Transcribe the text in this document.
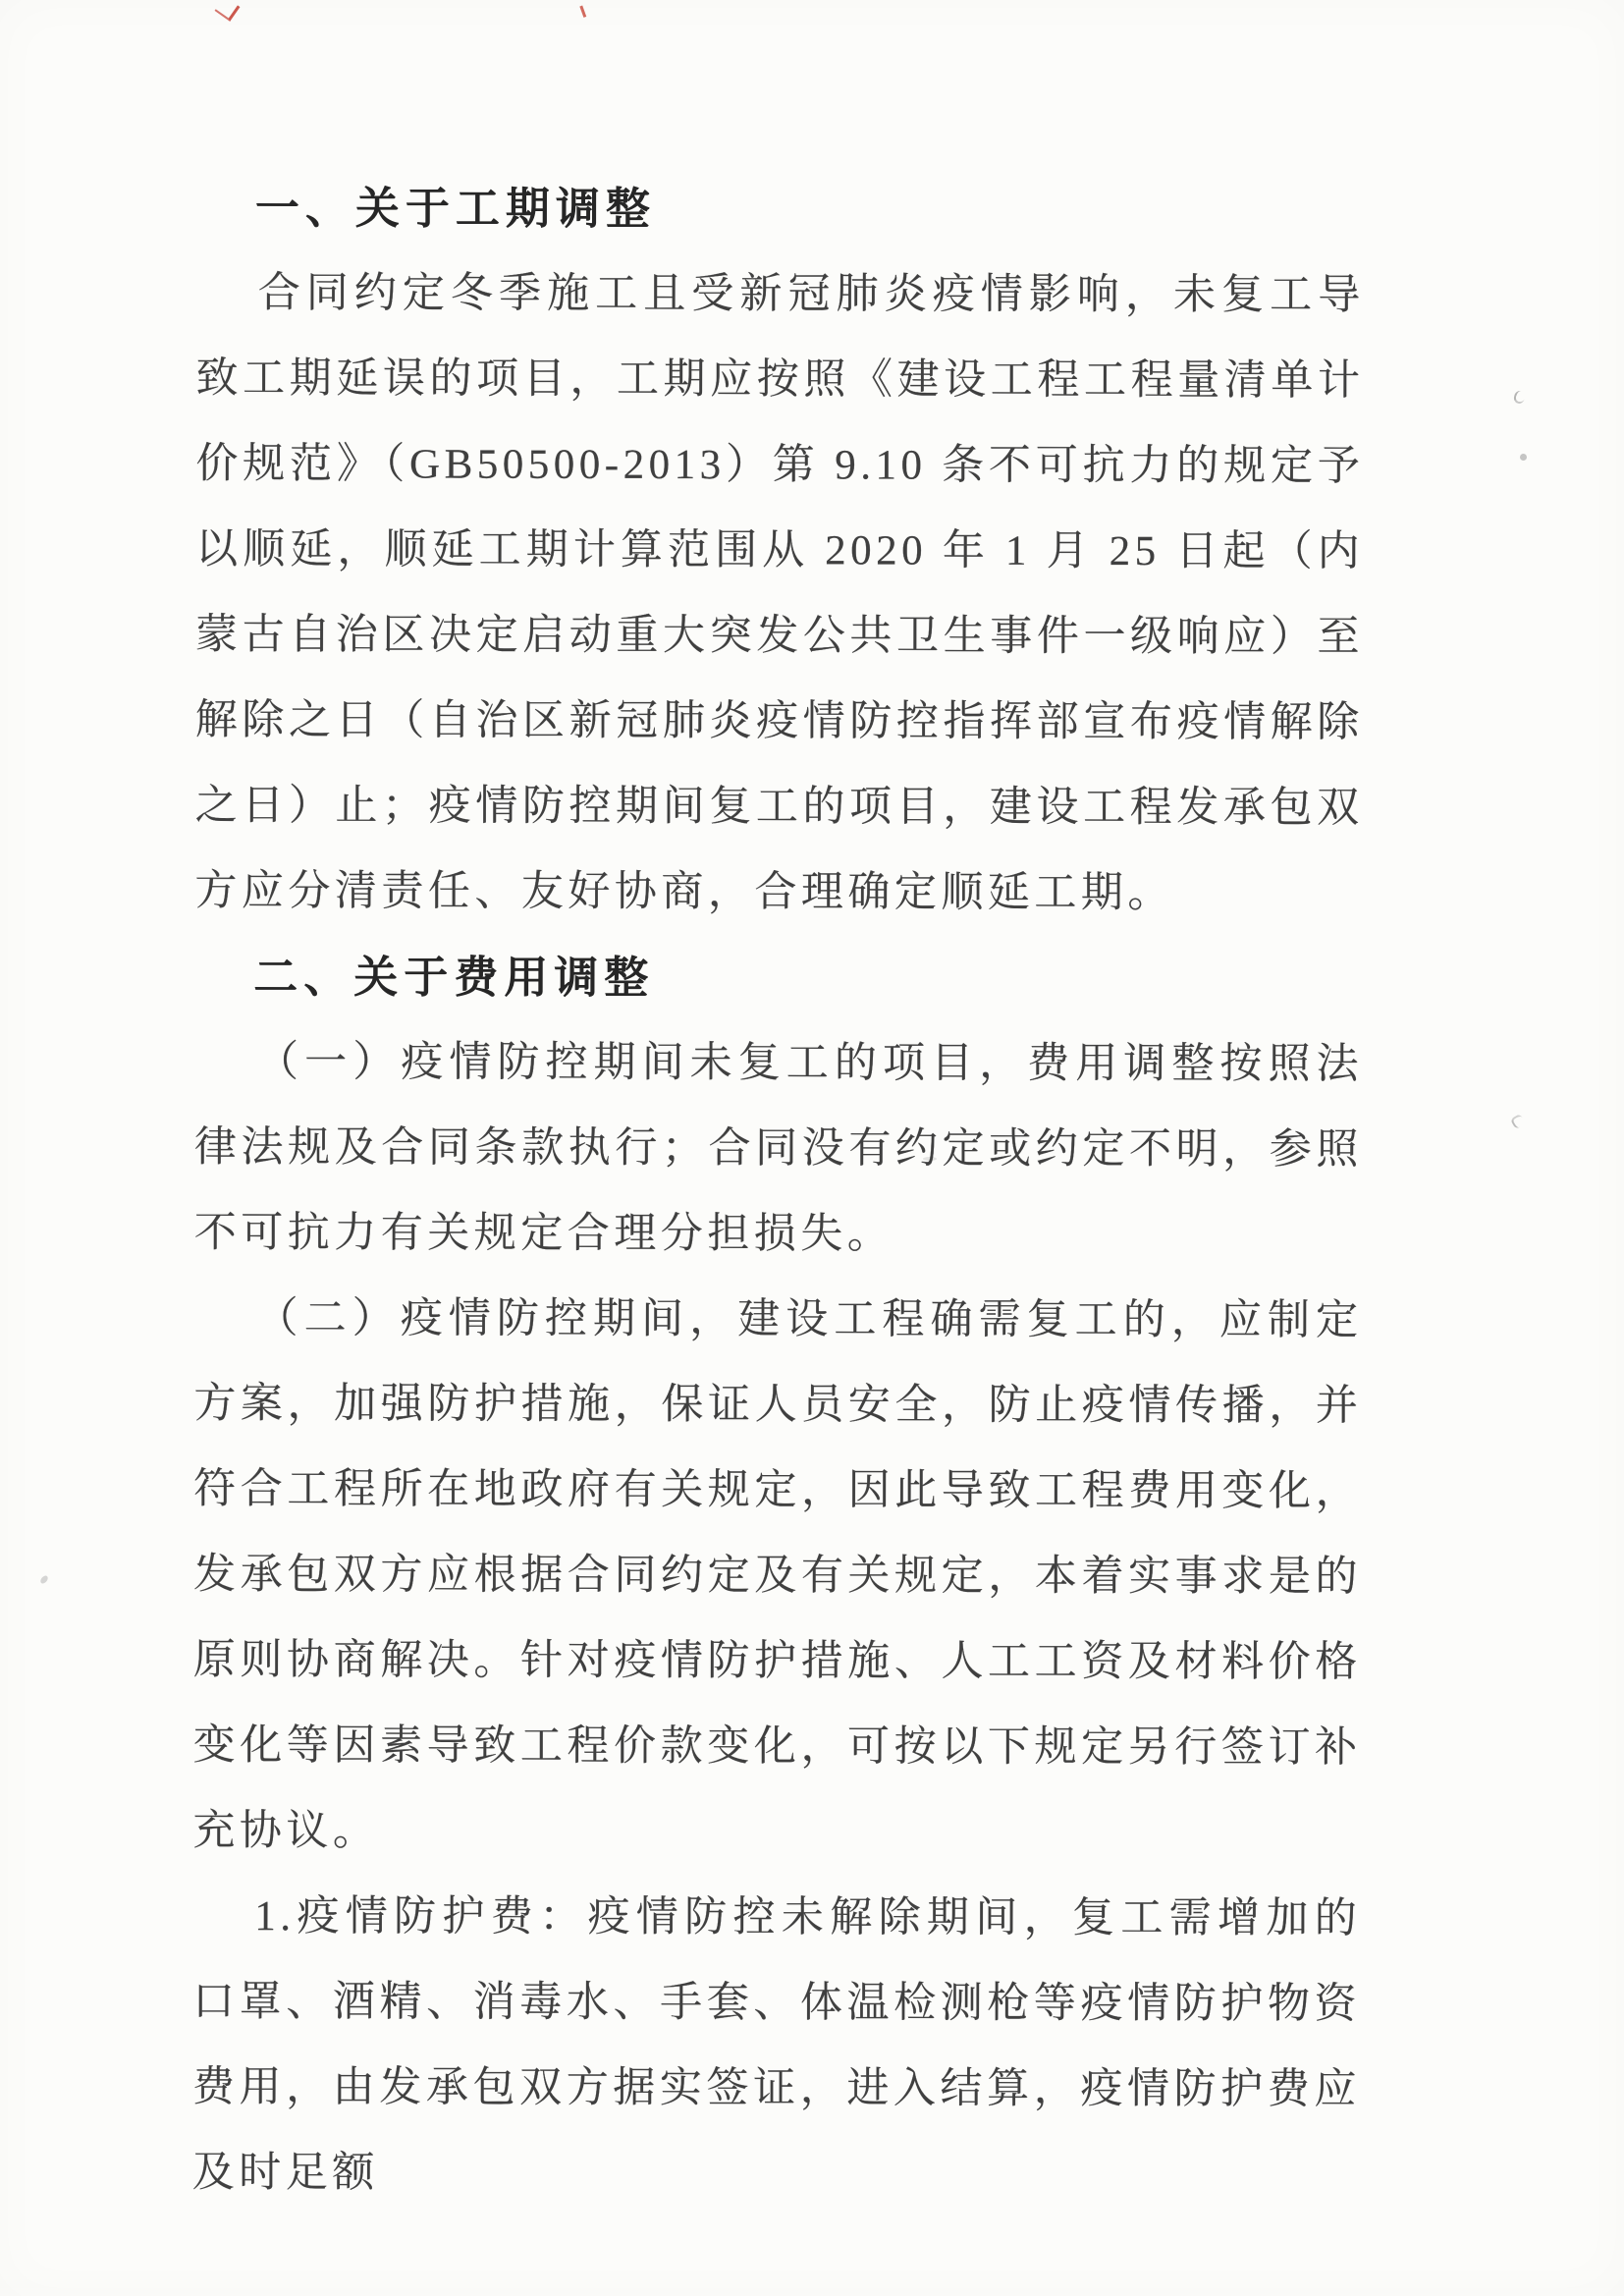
一、关于工期调整

合同约定冬季施工且受新冠肺炎疫情影响，未复工导致工期延误的项目，工期应按照《建设工程工程量清单计价规范》（GB50500-2013）第 9.10 条不可抗力的规定予以顺延，顺延工期计算范围从 2020 年 1 月 25 日起（内蒙古自治区决定启动重大突发公共卫生事件一级响应）至解除之日（自治区新冠肺炎疫情防控指挥部宣布疫情解除之日）止；疫情防控期间复工的项目，建设工程发承包双方应分清责任、友好协商，合理确定顺延工期。

二、关于费用调整

（一）疫情防控期间未复工的项目，费用调整按照法律法规及合同条款执行；合同没有约定或约定不明，参照不可抗力有关规定合理分担损失。

（二）疫情防控期间，建设工程确需复工的，应制定方案，加强防护措施，保证人员安全，防止疫情传播，并符合工程所在地政府有关规定，因此导致工程费用变化，发承包双方应根据合同约定及有关规定，本着实事求是的原则协商解决。针对疫情防护措施、人工工资及材料价格变化等因素导致工程价款变化，可按以下规定另行签订补充协议。

1.疫情防护费：疫情防控未解除期间，复工需增加的口罩、酒精、消毒水、手套、体温检测枪等疫情防护物资费用，由发承包双方据实签证，进入结算，疫情防护费应及时足额
